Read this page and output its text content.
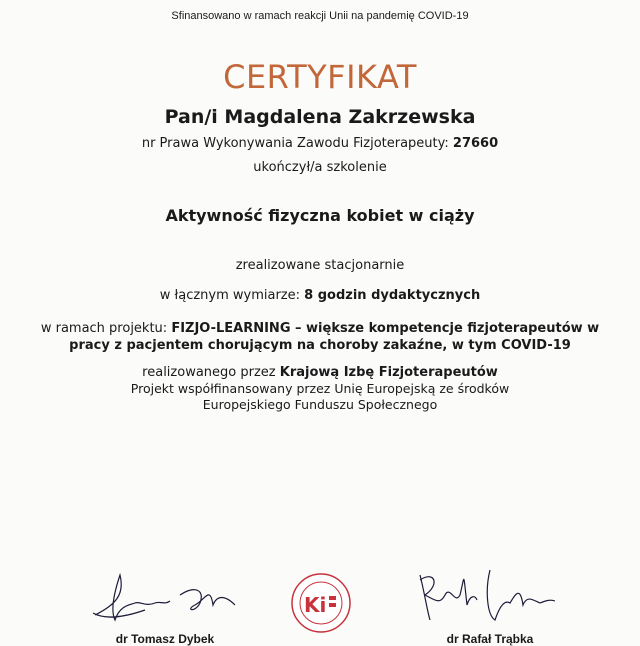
Sfinansowano w ramach reakcji Unii na pandemię COVID-19
CERTYFIKAT
Pan/i Magdalena Zakrzewska
nr Prawa Wykonywania Zawodu Fizjoterapeuty: 27660
ukończył/a szkolenie
Aktywność fizyczna kobiet w ciąży
zrealizowane stacjonarnie
w łącznym wymiarze: 8 godzin dydaktycznych
w ramach projektu: FIZJO-LEARNING – większe kompetencje fizjoterapeutów w pracy z pacjentem chorującym na choroby zakaźne, w tym COVID-19
realizowanego przez Krajową Izbę Fizjoterapeutów
Projekt współfinansowany przez Unię Europejską ze środków Europejskiego Funduszu Społecznego
Ki
dr Tomasz Dybek	dr Rafał Trąbka
